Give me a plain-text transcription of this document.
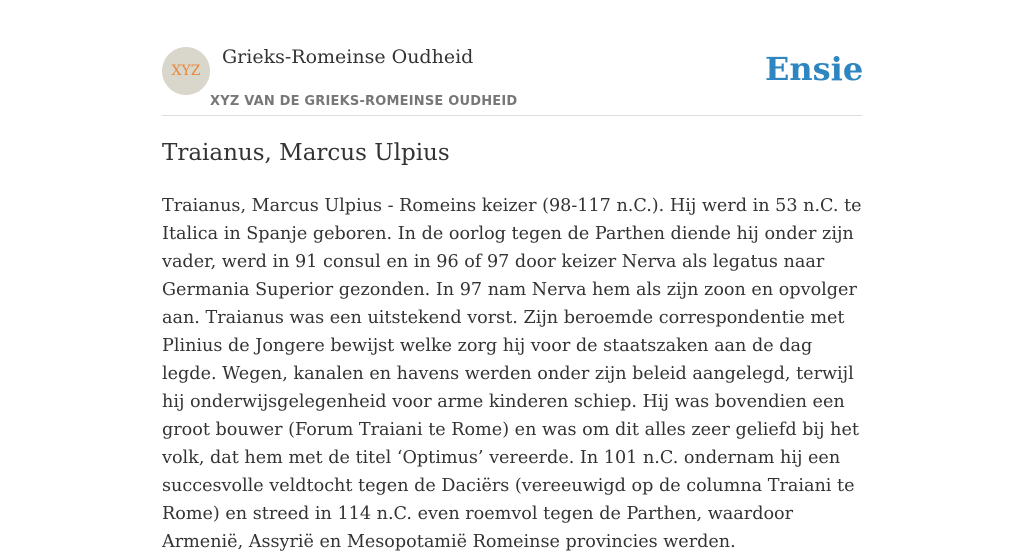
XYZ
Grieks-Romeinse Oudheid
XYZ VAN DE GRIEKS-ROMEINSE OUDHEID
Ensie
Traianus, Marcus Ulpius

Traianus, Marcus Ulpius - Romeins keizer (98-117 n.C.). Hij werd in 53 n.C. te Italica in Spanje geboren. In de oorlog tegen de Parthen diende hij onder zijn vader, werd in 91 consul en in 96 of 97 door keizer Nerva als legatus naar Germania Superior gezonden. In 97 nam Nerva hem als zijn zoon en opvolger aan. Traianus was een uitstekend vorst. Zijn beroemde correspondentie met Plinius de Jongere bewijst welke zorg hij voor de staatszaken aan de dag legde. Wegen, kanalen en havens werden onder zijn beleid aangelegd, terwijl hij onderwijsgelegenheid voor arme kinderen schiep. Hij was bovendien een groot bouwer (Forum Traiani te Rome) en was om dit alles zeer geliefd bij het volk, dat hem met de titel ‘Optimus’ vereerde. In 101 n.C. ondernam hij een succesvolle veldtocht tegen de Daciërs (vereeuwigd op de columna Traiani te Rome) en streed in 114 n.C. even roemvol tegen de Parthen, waardoor Armenië, Assyrië en Mesopotamië Romeinse provincies werden.
